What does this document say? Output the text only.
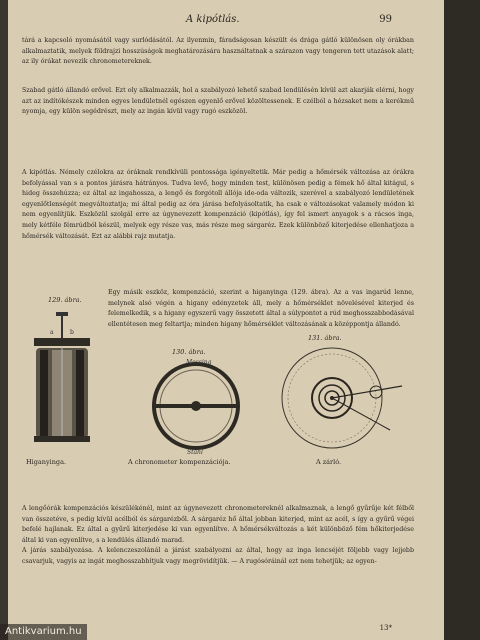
A kipótlás.	99

tárá a kapcsoló nyomásától vagy surlódásától. Az ilyenmin, fáradságosan készült és drága gátló különösen oly órákban alkalmaztatik, melyek földrajzi hosszúságok meghatározására használtatnak a szárazon vagy tengeren tett utazások alatt; az ily órákat nevezik chronometereknek.

Szabad gátló állandó erővel. Ezt oly alkalmazzák, hol a szabályozó lehető szabad lendülésén kívül azt akarják elérni, hogy azt az indítókészek minden egyes lendületnél egészen egyenlő erővel közöltessenek. E czélból a hézsaket nem a kerékmű nyomja, egy külön segédrészt, mely az ingán kívül vagy rugó eszközöl.

A kipótlás. Némely czélokra az óráknak rendkívüli pontossága igényeltetik. Már pedig a hőmérsék változása az órákra befolyással van s a pontos járásra hátrányos. Tudva levő, hogy minden test, különösen pedig a fémek hő által kitágul, s hideg összehúzza; ez által az ingahossza, a lengő és forgótoll állója ide-oda változik, szerével a szabályozó lendületének egyenlőtlenségét megváltoztatja; mi által pedig az óra járása befolyásoltatik, ha csak e változásokat valamely módon ki nem egyenlítjük. Eszközül szolgál erre az úgynevezett kompenzáció (kipótlás), így fel ismert anyagok s a rácsos inga, mely kétféle fémrúdból készül, melyek egy része vas, más része meg sárgaréz. Ezek különböző kiterjedése ellenhatjoza a hőmérsék változását. Ezt az alábbi rajz mutatja.

129. ábra.

Egy másik eszköz, kompenzáció, szerint a higanyinga (129. ábra). Az a vas ingarúd lenne, melynek alsó végén a higany edényzetek áll, mely a hőmérséklet növelésével kiterjed és felemelkedik, s a higany egyszerű vagy összetett által a súlypontot a rúd meghosszabbodásával ellentétesen meg feltartja; minden higany hőmérséklet változásának a középpontja állandó.

a	b
Higanyinga.
130. ábra.
Messing
Stahl
A chronometer kompenzációja.
131. ábra.
A zárló.

A lengőórák kompenzációs készülékénél, mint az úgynevezett chronometereknél alkalmaznak, a lengő gyűrűje két félből van összetéve, s pedig kívül acélból és sárgarézből. A sárgaréz hő által jobban kiterjed, mint az acél, s így a gyűrű végei befelé hajlanak. Ez által a gyűrű kiterjedése ki van egyenlítve. A hőmérsékváltozás a két különböző fém hőkiterjedése által ki van egyenlítve, s a lendülés állandó marad.

A járás szabályozása. A kelenczeszolánál a járást szabályozni az által, hogy az inga lencséjét följebb vagy lejjebb csavarjuk, vagyis az ingát meghosszabbítjuk vagy megrövidítjük. — A rugósóráinál ezt nem tehetjük; az egyen-

13*
Antikvarium.hu
